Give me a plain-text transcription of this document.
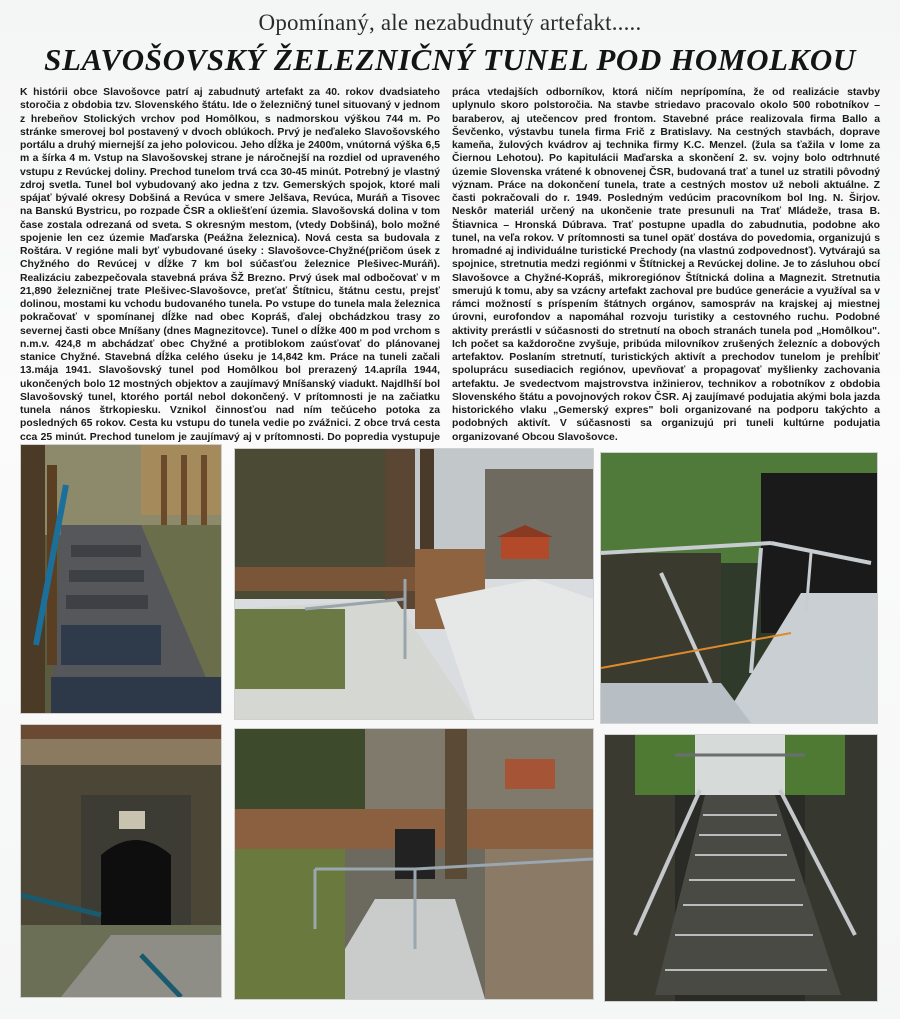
Opomínaný, ale nezabudnutý artefakt.....
SLAVOŠOVSKÝ ŽELEZNIČNÝ TUNEL POD HOMOLKOU

K histórii obce Slavošovce patrí aj zabudnutý artefakt za 40. rokov dvadsiateho storočia z obdobia tzv. Slovenského štátu. Ide o železničný tunel situovaný v jednom z hrebeňov Stolických vrchov pod Homôlkou, s nadmorskou výškou 744 m. Po stránke smerovej bol postavený v dvoch oblúkoch. Prvý je neďaleko Slavošovského portálu a druhý miernejší za jeho polovicou. Jeho dĺžka je 2400m, vnútorná výška 6,5 m a šírka 4 m. Vstup na Slavošovskej strane je náročnejší na rozdiel od upraveného vstupu z Revúckej doliny. Prechod tunelom trvá cca 30-45 minút. Potrebný je vlastný zdroj svetla. Tunel bol vybudovaný ako jedna z tzv. Gemerských spojok, ktoré mali spájať bývalé okresy Dobšiná a Revúca v smere Jelšava, Revúca, Muráň a Tisovec na Banskú Bystricu, po rozpade ČSR a okliešťení územia. Slavošovská dolina v tom čase zostala odrezaná od sveta. S okresným mestom, (vtedy Dobšiná), bolo možné spojenie len cez územie Maďarska (Peážna železnica). Nová cesta sa budovala z Roštára. V regióne mali byť vybudované úseky : Slavošovce-Chyžné(pričom úsek z Chyžného do Revúcej v dĺžke 7 km bol súčasťou železnice Plešivec-Muráň). Realizáciu zabezpečovala stavebná práva ŠŽ Brezno. Prvý úsek mal odbočovať v m 21,890 železničnej trate Plešivec-Slavošovce, preťať Štítnicu, štátnu cestu, prejsť dolinou, mostami ku vchodu budovaného tunela. Po vstupe do tunela mala železnica pokračovať v spomínanej dĺžke nad obec Kopráš, ďalej obchádzkou trasy zo severnej časti obce Mníšany (dnes Magnezitovce). Tunel o dĺžke 400 m pod vrchom s n.m.v. 424,8 m abchádzať obec Chyžné a protiblokom zaúsťovať do plánovanej stanice Chyžné. Stavebná dĺžka celého úseku je 14,842 km. Práce na tuneli začali 13.mája 1941. Slavošovský tunel pod Homôlkou bol prerazený 14.apríla 1944, ukončených bolo 12 mostných objektov a zaujímavý Mníšanský viadukt. Najdlhší bol Slavošovský tunel, ktorého portál nebol dokončený. V prítomnosti je na začiatku tunela nános štrkopiesku. Vznikol činnosťou nad ním tečúceho potoka za posledných 65 rokov. Cesta ku vstupu do tunela vedie po zvážnici. Z obce trvá cesta cca 25 minút. Prechod tunelom je zaujímavý aj v prítomnosti. Do popredia vystupuje

práca vtedajších odborníkov, ktorá ničím neprípomína, že od realizácie stavby uplynulo skoro polstoročia. Na stavbe striedavo pracovalo okolo 500 robotníkov – baraberov, aj utečencov pred frontom. Stavebné práce realizovala firma Ballo a Ševčenko, výstavbu tunela firma Frič z Bratislavy. Na cestných stavbách, doprave kameňa, žulových kvádrov aj technika firmy K.C. Menzel. (žula sa ťažila v lome za Čiernou Lehotou). Po kapitulácii Maďarska a skončení 2. sv. vojny bolo odtrhnuté územie Slovenska vrátené k obnovenej ČSR, budovaná trať a tunel uz stratili pôvodný význam. Práce na dokončení tunela, trate a cestných mostov už neboli aktuálne. Z časti pokračovali do r. 1949. Posledným vedúcim pracovníkom bol Ing. N. Širjov. Neskôr materiál určený na ukončenie trate presunuli na Trať Mládeže, trasa B. Štiavnica – Hronská Dúbrava. Trať postupne upadla do zabudnutia, podobne ako tunel, na veľa rokov. V prítomnosti sa tunel opäť dostáva do povedomia, organizujú s hromadné aj individuálne turistické Prechody (na vlastnú zodpovednosť). Vytvárajú sa spojnice, stretnutia medzi regiónmi v Štítnickej a Revúckej doline. Je to zásluhou obcí Slavošovce a Chyžné-Kopráš, mikroregiónov Štítnická dolina a Magnezit. Stretnutia smerujú k tomu, aby sa vzácny artefakt zachoval pre budúce generácie a využíval sa v rámci možností s príspením štátnych orgánov, samospráv na krajskej aj miestnej úrovni, eurofondov a napomáhal rozvoju turistiky a cestovného ruchu. Podobné aktivity prerástli v súčasnosti do stretnutí na oboch stranách tunela pod „Homôlkou". Ich počet sa každoročne zvyšuje, pribúda milovníkov zrušených železníc a dobových artefaktov. Poslaním stretnutí, turistických aktivít a prechodov tunelom je prehĺbiť spoluprácu susediacich regiónov, upevňovať a propagovať myšlienky zachovania artefaktu. Je svedectvom majstrovstva inžinierov, technikov a robotníkov z obdobia Slovenského štátu a povojnových rokov ČSR. Aj zaujímavé podujatia akými bola jazda historického vlaku „Gemerský expres" boli organizované na podporu takýchto a podobných aktivít. V súčasnosti sa organizujú pri tuneli kultúrne podujatia organizované Obcou Slavošovce.
